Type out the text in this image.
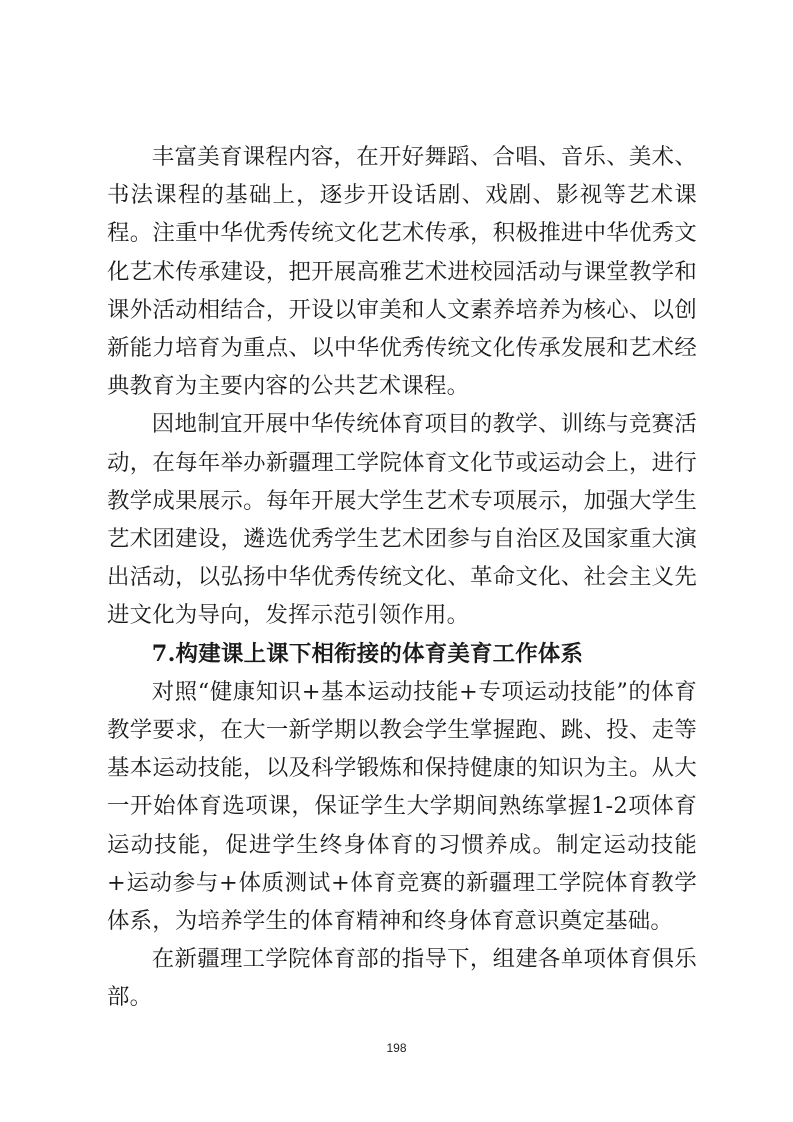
丰富美育课程内容，在开好舞蹈、合唱、音乐、美术、书法课程的基础上，逐步开设话剧、戏剧、影视等艺术课程。注重中华优秀传统文化艺术传承，积极推进中华优秀文化艺术传承建设，把开展高雅艺术进校园活动与课堂教学和课外活动相结合，开设以审美和人文素养培养为核心、以创新能力培育为重点、以中华优秀传统文化传承发展和艺术经典教育为主要内容的公共艺术课程。

因地制宜开展中华传统体育项目的教学、训练与竞赛活动，在每年举办新疆理工学院体育文化节或运动会上，进行教学成果展示。每年开展大学生艺术专项展示，加强大学生艺术团建设，遴选优秀学生艺术团参与自治区及国家重大演出活动，以弘扬中华优秀传统文化、革命文化、社会主义先进文化为导向，发挥示范引领作用。

7.构建课上课下相衔接的体育美育工作体系

对照“健康知识+基本运动技能+专项运动技能”的体育教学要求，在大一新学期以教会学生掌握跑、跳、投、走等基本运动技能，以及科学锻炼和保持健康的知识为主。从大一开始体育选项课，保证学生大学期间熟练掌握1-2项体育运动技能，促进学生终身体育的习惯养成。制定运动技能+运动参与+体质测试+体育竞赛的新疆理工学院体育教学体系，为培养学生的体育精神和终身体育意识奠定基础。

在新疆理工学院体育部的指导下，组建各单项体育俱乐部。

198
